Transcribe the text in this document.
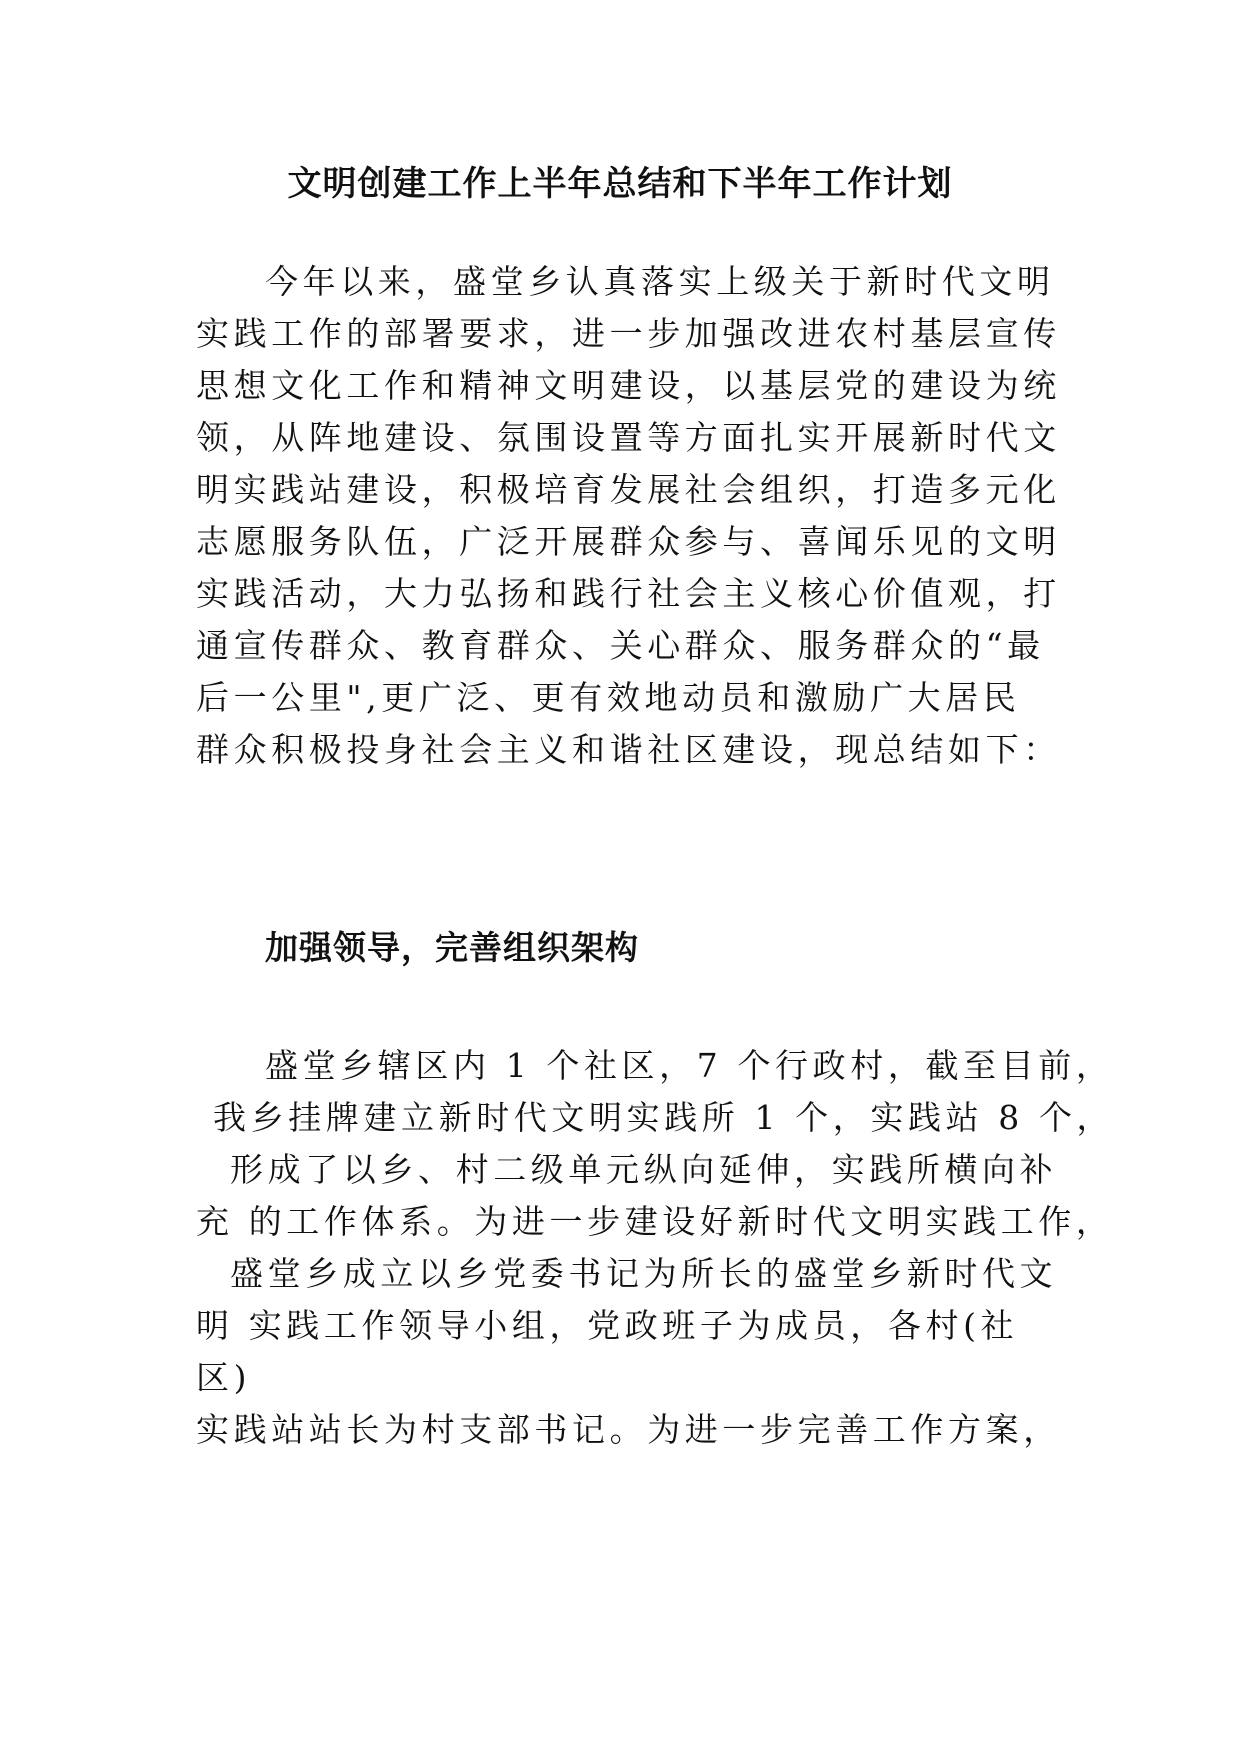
文明创建工作上半年总结和下半年工作计划

今年以来，盛堂乡认真落实上级关于新时代文明

实践工作的部署要求，进一步加强改进农村基层宣传

思想文化工作和精神文明建设，以基层党的建设为统

领，从阵地建设、氛围设置等方面扎实开展新时代文

明实践站建设，积极培育发展社会组织，打造多元化

志愿服务队伍，广泛开展群众参与、喜闻乐见的文明

实践活动，大力弘扬和践行社会主义核心价值观，打

通宣传群众、教育群众、关心群众、服务群众的“最

后一公里",更广泛、更有效地动员和激励广大居民

群众积极投身社会主义和谐社区建设，现总结如下：

加强领导，完善组织架构

盛堂乡辖区内 1 个社区，7 个行政村，截至目前，

我乡挂牌建立新时代文明实践所 1 个，实践站 8 个，

形成了以乡、村二级单元纵向延伸，实践所横向补

充 的工作体系。为进一步建设好新时代文明实践工作，

盛堂乡成立以乡党委书记为所长的盛堂乡新时代文

明 实践工作领导小组，党政班子为成员，各村(社

区)

实践站站长为村支部书记。为进一步完善工作方案，
